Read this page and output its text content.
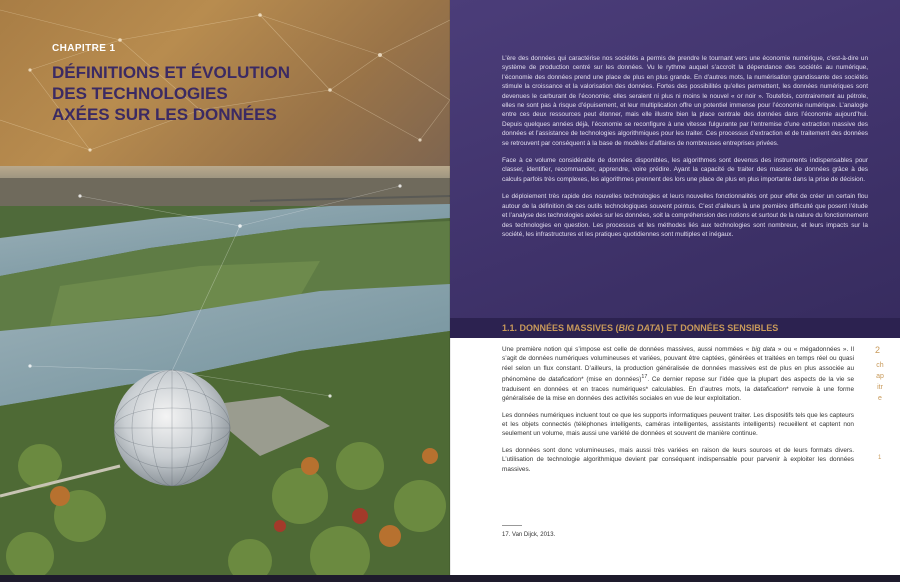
CHAPITRE 1
DÉFINITIONS ET ÉVOLUTION
DES TECHNOLOGIES
AXÉES SUR LES DONNÉES

L’ère des données qui caractérise nos sociétés a permis de prendre le tournant vers une économie numérique, c’est-à-dire un système de production centré sur les données. Vu le rythme auquel s’accroît la dépendance des sociétés au numérique, l’économie des données prend une place de plus en plus grande. En d’autres mots, la numérisation grandissante des sociétés stimule la croissance et la valorisation des données. Fortes des possibilités qu’elles permettent, les données numériques sont devenues le carburant de l’économie; elles seraient ni plus ni moins le nouvel « or noir ». Toutefois, contrairement au pétrole, elles ne sont pas à risque d’épuisement, et leur multiplication offre un potentiel immense pour l’économie numérique. L’analogie entre ces deux ressources peut étonner, mais elle illustre bien la place centrale des données dans l’économie aujourd’hui. Depuis quelques années déjà, l’économie se reconfigure à une vitesse fulgurante par l’entremise d’une extraction massive des données et l’assistance de technologies algorithmiques pour les traiter. Ces processus d’extraction et de traitement des données se retrouvent par conséquent à la base de modèles d’affaires de nombreuses entreprises privées.

Face à ce volume considérable de données disponibles, les algorithmes sont devenus des instruments indispensables pour classer, identifier, recommander, apprendre, voire prédire. Ayant la capacité de traiter des masses de données grâce à des calculs parfois très complexes, les algorithmes prennent des lors une place de plus en plus importante dans la prise de décision.

Le déploiement très rapide des nouvelles technologies et leurs nouvelles fonctionnalités ont pour effet de créer un certain flou autour de la définition de ces outils technologiques souvent pointus. C’est d’ailleurs là une première difficulté que posent l’étude et l’analyse des technologies axées sur les données, soit la compréhension des notions et surtout de la nature du fonctionnement des technologies en question. Les processus et les méthodes liés aux technologies sont nombreux, et leurs impacts sur la société, les infrastructures et les pratiques quotidiennes sont multiples et inégaux.

1.1. DONNÉES MASSIVES (BIG DATA) ET DONNÉES SENSIBLES

Une première notion qui s’impose est celle de données massives, aussi nommées « big data » ou « mégadonnées ». Il s’agit de données numériques volumineuses et variées, pouvant être captées, générées et traitées en temps réel ou quasi réel selon un flux constant. D’ailleurs, la production généralisée de données massives est de plus en plus associée au phénomène de datafication* (mise en données)$^{17}$. Ce dernier repose sur l’idée que la plupart des aspects de la vie se traduisent en données et en traces numériques* calculables. En d’autres mots, la datafication* renvoie à une forme généralisée de la mise en données des activités sociales en vue de leur exploitation.

Les données numériques incluent tout ce que les supports informatiques peuvent traiter. Les dispositifs tels que les capteurs et les objets connectés (téléphones intelligents, caméras intelligentes, assistants intelligents) recueillent et captent non seulement un volume, mais aussi une variété de données et souvent de manière continue.

Les données sont donc volumineuses, mais aussi très variées en raison de leurs sources et de leurs formats divers. L’utilisation de technologie algorithmique devient par conséquent indispensable pour parvenir à exploiter les données massives.

17. Van Dijck, 2013.
2
chapitre
1
